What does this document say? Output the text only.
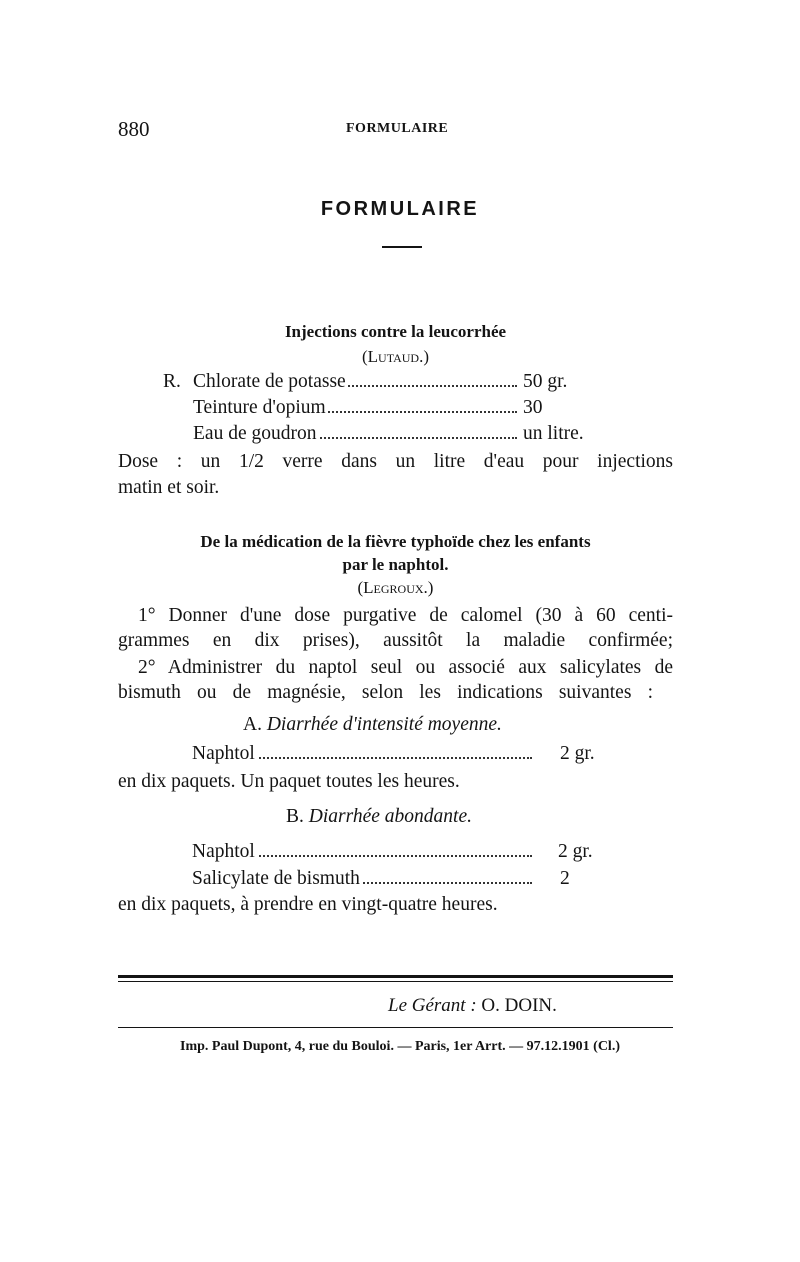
880	FORMULAIRE
FORMULAIRE
Injections contre la leucorrhée
(Lutaud.)
R. Chlorate de potasse	50 gr.
Teinture d'opium	30
Eau de goudron	un litre.
Dose : un 1/2 verre dans un litre d'eau pour injections
matin et soir.
De la médication de la fièvre typhoïde chez les enfants
par le naphtol.
(Legroux.)
1° Donner d'une dose purgative de calomel (30 à 60 centi-
grammes en dix prises), aussitôt la maladie confirmée;
2° Administrer du naptol seul ou associé aux salicylates de
bismuth ou de magnésie, selon les indications suivantes :
A. Diarrhée d'intensité moyenne.
Naphtol	2 gr.
en dix paquets. Un paquet toutes les heures.
B. Diarrhée abondante.
Naphtol	2 gr.
Salicylate de bismuth	2
en dix paquets, à prendre en vingt-quatre heures.
Le Gérant : O. DOIN.
Imp. Paul Dupont, 4, rue du Bouloi. — Paris, 1er Arrt. — 97.12.1901 (Cl.)
